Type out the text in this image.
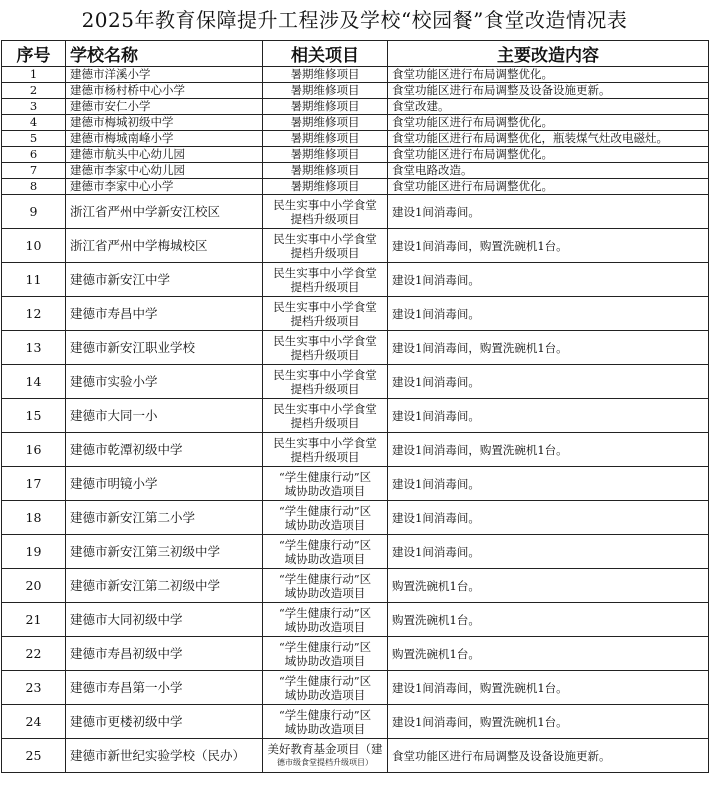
2025年教育保障提升工程涉及学校“校园餐”食堂改造情况表
序号	学校名称	相关项目	主要改造内容
1	建德市洋溪小学	暑期维修项目	食堂功能区进行布局调整优化。
2	建德市杨村桥中心小学	暑期维修项目	食堂功能区进行布局调整及设备设施更新。
3	建德市安仁小学	暑期维修项目	食堂改建。
4	建德市梅城初级中学	暑期维修项目	食堂功能区进行布局调整优化。
5	建德市梅城南峰小学	暑期维修项目	食堂功能区进行布局调整优化，瓶装煤气灶改电磁灶。
6	建德市航头中心幼儿园	暑期维修项目	食堂功能区进行布局调整优化。
7	建德市李家中心幼儿园	暑期维修项目	食堂电路改造。
8	建德市李家中心小学	暑期维修项目	食堂功能区进行布局调整优化。
9	浙江省严州中学新安江校区	民生实事中小学食堂
提档升级项目	建设1间消毒间。
10	浙江省严州中学梅城校区	民生实事中小学食堂
提档升级项目	建设1间消毒间，购置洗碗机1台。
11	建德市新安江中学	民生实事中小学食堂
提档升级项目	建设1间消毒间。
12	建德市寿昌中学	民生实事中小学食堂
提档升级项目	建设1间消毒间。
13	建德市新安江职业学校	民生实事中小学食堂
提档升级项目	建设1间消毒间，购置洗碗机1台。
14	建德市实验小学	民生实事中小学食堂
提档升级项目	建设1间消毒间。
15	建德市大同一小	民生实事中小学食堂
提档升级项目	建设1间消毒间。
16	建德市乾潭初级中学	民生实事中小学食堂
提档升级项目	建设1间消毒间，购置洗碗机1台。
17	建德市明镜小学	“学生健康行动”区
域协助改造项目	建设1间消毒间。
18	建德市新安江第二小学	“学生健康行动”区
域协助改造项目	建设1间消毒间。
19	建德市新安江第三初级中学	“学生健康行动”区
域协助改造项目	建设1间消毒间。
20	建德市新安江第二初级中学	“学生健康行动”区
域协助改造项目	购置洗碗机1台。
21	建德市大同初级中学	“学生健康行动”区
域协助改造项目	购置洗碗机1台。
22	建德市寿昌初级中学	“学生健康行动”区
域协助改造项目	购置洗碗机1台。
23	建德市寿昌第一小学	“学生健康行动”区
域协助改造项目	建设1间消毒间，购置洗碗机1台。
24	建德市更楼初级中学	“学生健康行动”区
域协助改造项目	建设1间消毒间，购置洗碗机1台。
25	建德市新世纪实验学校（民办）	美好教育基金项目（建
德市级食堂提档升级项目）	食堂功能区进行布局调整及设备设施更新。
